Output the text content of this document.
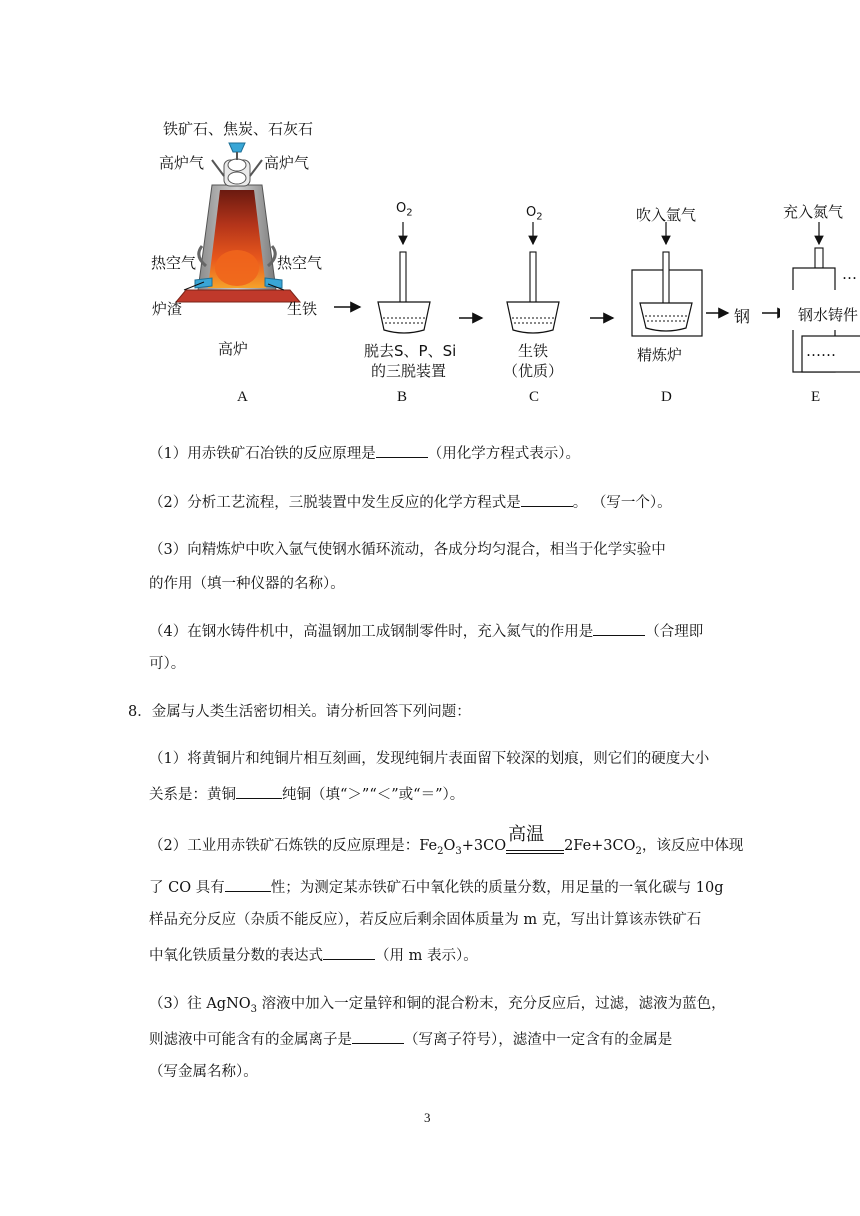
铁矿石、焦炭、石灰石
高炉气	高炉气
热空气	热空气
炉渣	生铁
高炉
$O_2$	$O_2$
脱去S、P、Si
的三脱装置
生铁
（优质）
吹入氩气
精炼炉
钢
充入氮气
钢水铸件
…
……
A	B	C	D	E
（1）用赤铁矿石冶铁的反应原理是	（用化学方程式表示）。
（2）分析工艺流程，三脱装置中发生反应的化学方程式是	。 （写一个）。
（3）向精炼炉中吹入氩气使钢水循环流动，各成分均匀混合，相当于化学实验中
的作用（填一种仪器的名称）。
（4）在钢水铸件机中，高温钢加工成钢制零件时，充入氮气的作用是	（合理即
可）。
8．金属与人类生活密切相关。请分析回答下列问题：
（1）将黄铜片和纯铜片相互刻画，发现纯铜片表面留下较深的划痕，则它们的硬度大小
关系是：黄铜	纯铜（填“＞”“＜”或“＝”）。
（2）工业用赤铁矿石炼铁的反应原理是：$Fe_2O_3+3CO$
高温
$2Fe+3CO_2$，该反应中体现
了 CO 具有	性；为测定某赤铁矿石中氧化铁的质量分数，用足量的一氧化碳与 10g
样品充分反应（杂质不能反应），若反应后剩余固体质量为 m 克，写出计算该赤铁矿石
中氧化铁质量分数的表达式	（用 m 表示）。
（3）往 AgNO$_3$ 溶液中加入一定量锌和铜的混合粉末，充分反应后，过滤，滤液为蓝色，
则滤液中可能含有的金属离子是	（写离子符号），滤渣中一定含有的金属是
（写金属名称）。
3
